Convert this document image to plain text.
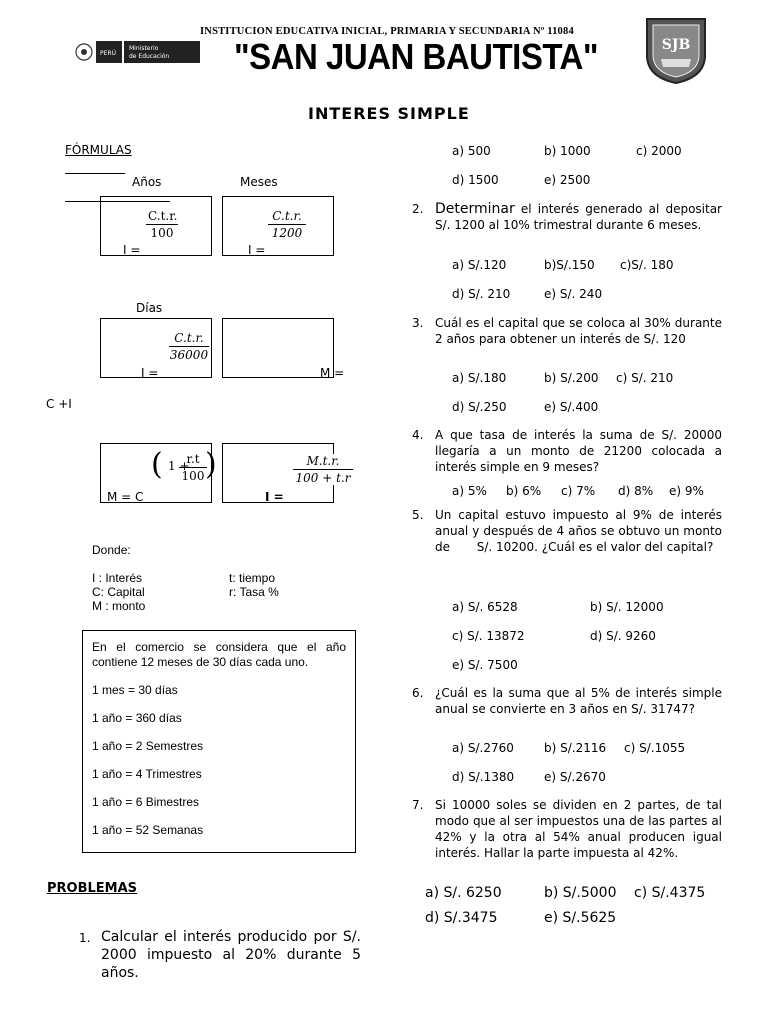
INSTITUCION EDUCATIVA INICIAL, PRIMARIA Y SECUNDARIA Nº 11084
"SAN JUAN BAUTISTA"
PERÚ
Ministerio
de Educación
SJB
INTERES SIMPLE
FÓRMULAS
Años	Meses
$\frac{C.t.r.}{100}$
I =
$\frac{C.t.r.}{1200}$
I =
Días
$\frac{C.t.r.}{36000}$
I =	M =
C +I
( 1 +
$\frac{r.t}{100}$
)
M = C
$\frac{M.t.r.}{100 + t.r}$
I =
Donde:
I : Interés
C: Capital
M : monto
t: tiempo
r: Tasa %
En el comercio se considera que el año contiene 12 meses de 30 días cada uno.
1 mes = 30 días
1 año = 360 días
1 año = 2 Semestres
1 año = 4 Trimestres
1 año = 6 Bimestres
1 año = 52 Semanas
PROBLEMAS
1. Calcular el interés producido por S/. 2000 impuesto al 20% durante 5 años.
a) 500	b) 1000	c) 2000
d) 1500	e) 2500
2. Determinar el interés generado al depositar S/. 1200 al 10% trimestral durante 6 meses.
a) S/.120	b)S/.150 c)S/. 180
d) S/. 210	e) S/. 240
3. Cuál es el capital que se coloca al 30% durante 2 años para obtener un interés de S/. 120
a) S/.180	b) S/.200 c) S/. 210
d) S/.250	e) S/.400
4. A que tasa de interés la suma de S/. 20000 llegaría a un monto de 21200 colocada a interés simple en 9 meses?
a) 5% b) 6% c) 7% d) 8% e) 9%
5. Un capital estuvo impuesto al 9% de interés anual y después de 4 años se obtuvo un monto de       S/. 10200. ¿Cuál es el valor del capital?
a) S/. 6528	b) S/. 12000
c) S/. 13872	d) S/. 9260
e) S/. 7500
6. ¿Cuál es la suma que al 5% de interés simple anual se convierte en 3 años en S/. 31747?
a) S/.2760	b) S/.2116 c) S/.1055
d) S/.1380 e) S/.2670
7. Si 10000 soles se dividen en 2 partes, de tal modo que al ser impuestos una de las partes al 42% y la otra al 54% anual producen igual interés. Hallar la parte impuesta al 42%.
a) S/. 6250	b) S/.5000 c) S/.4375
d) S/.3475	e) S/.5625
